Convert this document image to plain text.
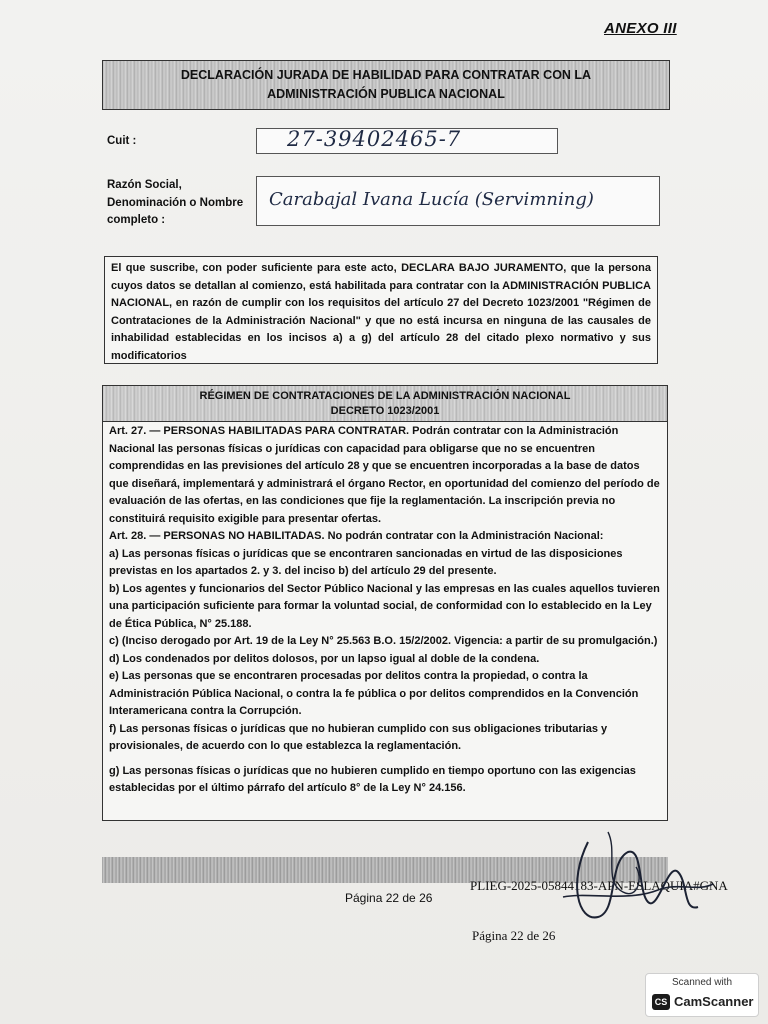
ANEXO III
DECLARACIÓN JURADA DE HABILIDAD PARA CONTRATAR CON LA
ADMINISTRACIÓN PUBLICA NACIONAL
Cuit :	27-39402465-7
Razón Social,
Denominación o Nombre
completo :
Carabajal Ivana Lucía (Servimning)
El que suscribe, con poder suficiente para este acto, DECLARA BAJO JURAMENTO, que la persona cuyos datos se detallan al comienzo, está habilitada para contratar con la ADMINISTRACIÓN PUBLICA NACIONAL, en razón de cumplir con los requisitos del artículo 27 del Decreto 1023/2001 "Régimen de Contrataciones de la Administración Nacional" y que no está incursa en ninguna de las causales de inhabilidad establecidas en los incisos a) a g) del artículo 28 del citado plexo normativo y sus modificatorios
RÉGIMEN DE CONTRATACIONES DE LA ADMINISTRACIÓN NACIONAL
DECRETO 1023/2001

Art. 27. — PERSONAS HABILITADAS PARA CONTRATAR. Podrán contratar con la Administración Nacional las personas físicas o jurídicas con capacidad para obligarse que no se encuentren comprendidas en las previsiones del artículo 28 y que se encuentren incorporadas a la base de datos que diseñará, implementará y administrará el órgano Rector, en oportunidad del comienzo del período de evaluación de las ofertas, en las condiciones que fije la reglamentación. La inscripción previa no constituirá requisito exigible para presentar ofertas.

Art. 28. — PERSONAS NO HABILITADAS. No podrán contratar con la Administración Nacional:

a) Las personas físicas o jurídicas que se encontraren sancionadas en virtud de las disposiciones previstas en los apartados 2. y 3. del inciso b) del artículo 29 del presente.

b) Los agentes y funcionarios del Sector Público Nacional y las empresas en las cuales aquellos tuvieren una participación suficiente para formar la voluntad social, de conformidad con lo establecido en la Ley de Ética Pública, N° 25.188.

c) (Inciso derogado por Art. 19 de la Ley N° 25.563 B.O. 15/2/2002. Vigencia: a partir de su promulgación.)

d) Los condenados por delitos dolosos, por un lapso igual al doble de la condena.

e) Las personas que se encontraren procesadas por delitos contra la propiedad, o contra la Administración Pública Nacional, o contra la fe pública o por delitos comprendidos en la Convención Interamericana contra la Corrupción.

f) Las personas físicas o jurídicas que no hubieran cumplido con sus obligaciones tributarias y provisionales, de acuerdo con lo que establezca la reglamentación.

g) Las personas físicas o jurídicas que no hubieren cumplido en tiempo oportuno con las exigencias establecidas por el último párrafo del artículo 8° de la Ley N° 24.156.

Página 22 de 26
PLIEG-2025-05844183-APN-ESLAQUIA#GNA
Página 22 de 26
Scanned with
CS CamScanner
